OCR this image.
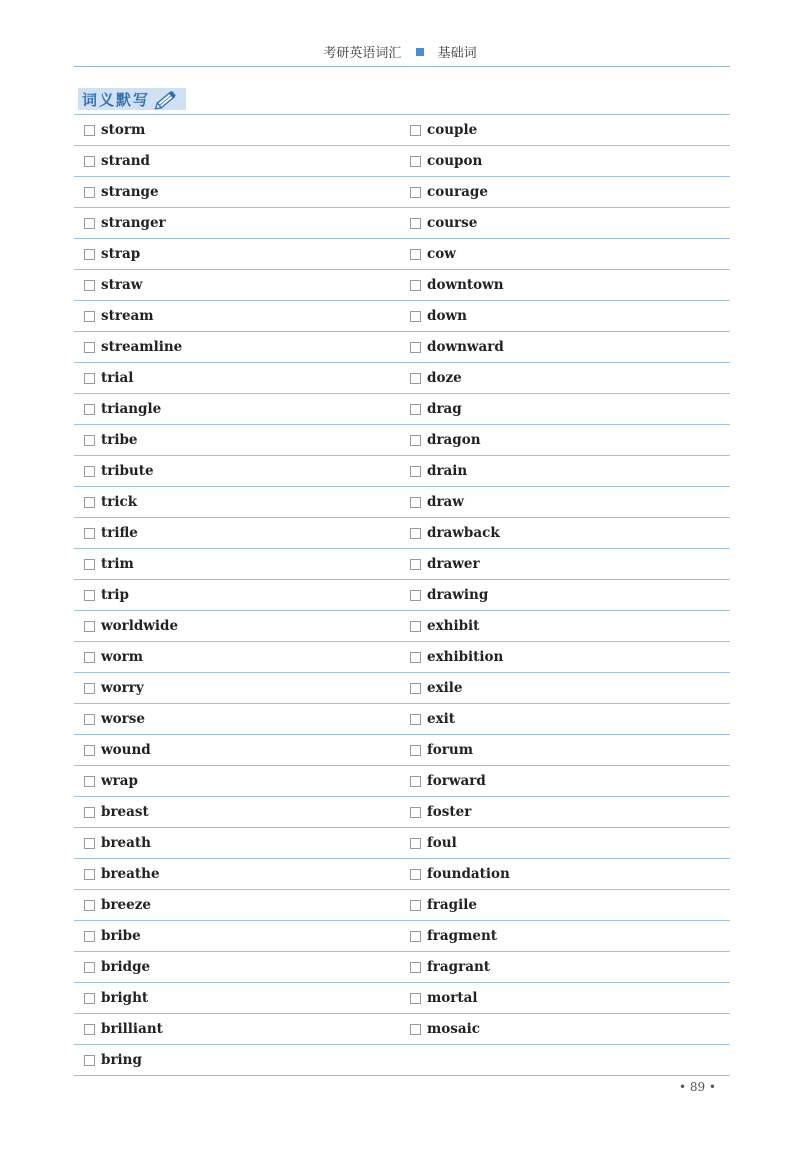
考研英语词汇	基础词
词义默写
storm	couple
strand	coupon
strange	courage
stranger	course
strap	cow
straw	downtown
stream	down
streamline	downward
trial	doze
triangle	drag
tribe	dragon
tribute	drain
trick	draw
trifle	drawback
trim	drawer
trip	drawing
worldwide	exhibit
worm	exhibition
worry	exile
worse	exit
wound	forum
wrap	forward
breast	foster
breath	foul
breathe	foundation
breeze	fragile
bribe	fragment
bridge	fragrant
bright	mortal
brilliant	mosaic
bring
• 89 •
